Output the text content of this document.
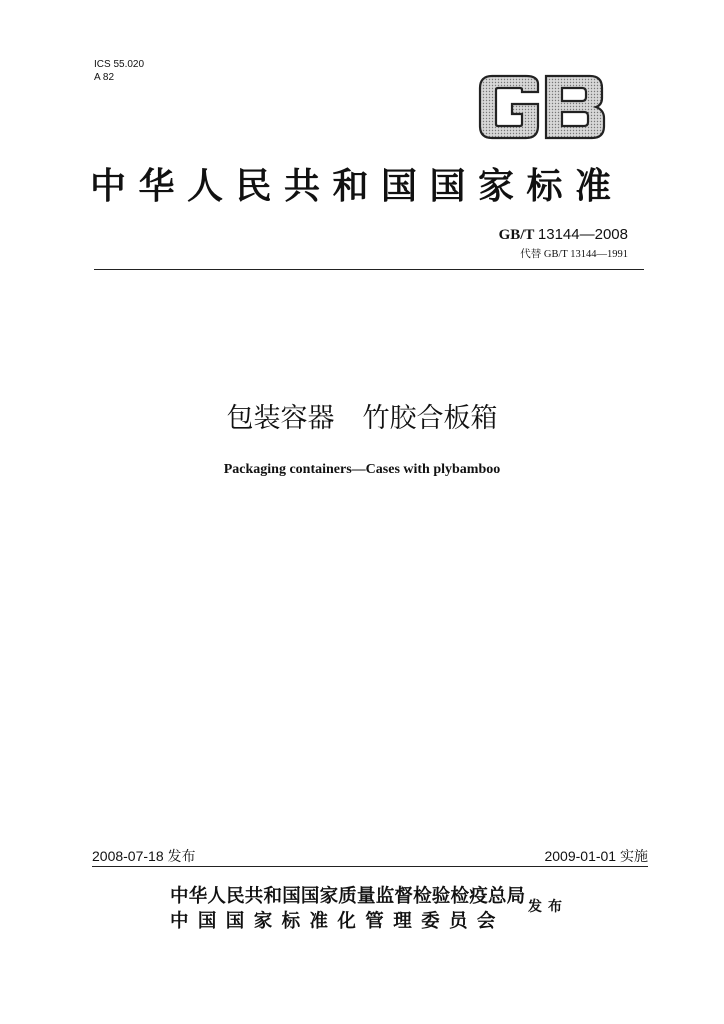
ICS 55.020
A 82
中华人民共和国国家标准
GB/T 13144—2008
代替 GB/T 13144—1991
包装容器 竹胶合板箱
Packaging containers—Cases with plybamboo
2008-07-18 发布	2009-01-01 实施
中华人民共和国国家质量监督检验检疫总局
中国国家标准化管理委员会
发布
